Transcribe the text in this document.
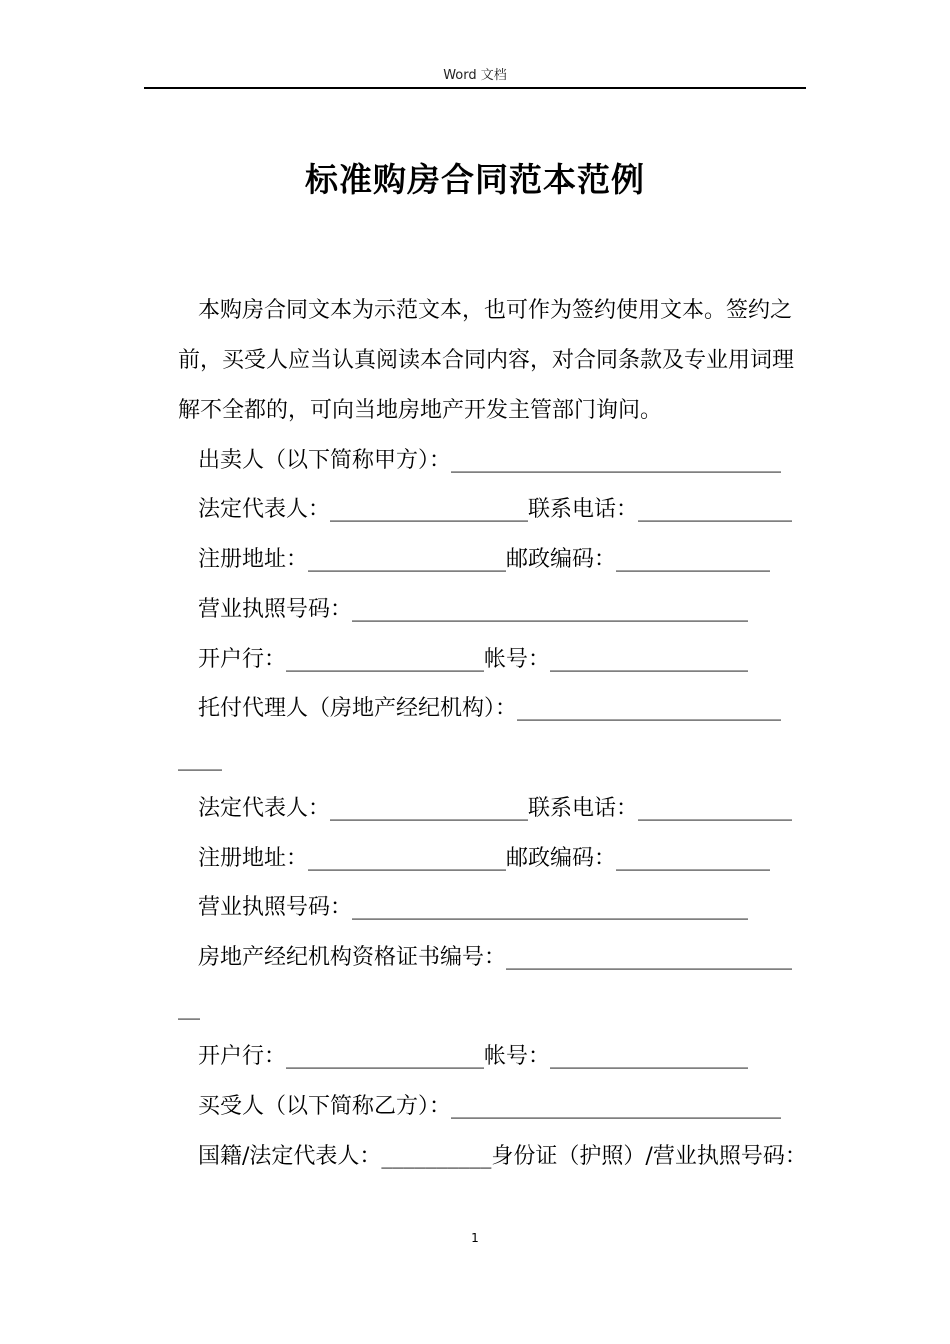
Word 文档
标准购房合同范本范例
本购房合同文本为示范文本，也可作为签约使用文本。签约之
前，买受人应当认真阅读本合同内容，对合同条款及专业用词理
解不全都的，可向当地房地产开发主管部门询问。
出卖人（以下简称甲方）：______________________________
法定代表人：__________________联系电话：______________
注册地址：__________________邮政编码：______________
营业执照号码：____________________________________
开户行：__________________帐号：__________________
托付代理人（房地产经纪机构）：________________________
____
法定代表人：__________________联系电话：______________
注册地址：__________________邮政编码：______________
营业执照号码：____________________________________
房地产经纪机构资格证书编号：__________________________
__
开户行：__________________帐号：__________________
买受人（以下简称乙方）：______________________________
国籍/法定代表人：__________身份证（护照）/营业执照号码：
1
